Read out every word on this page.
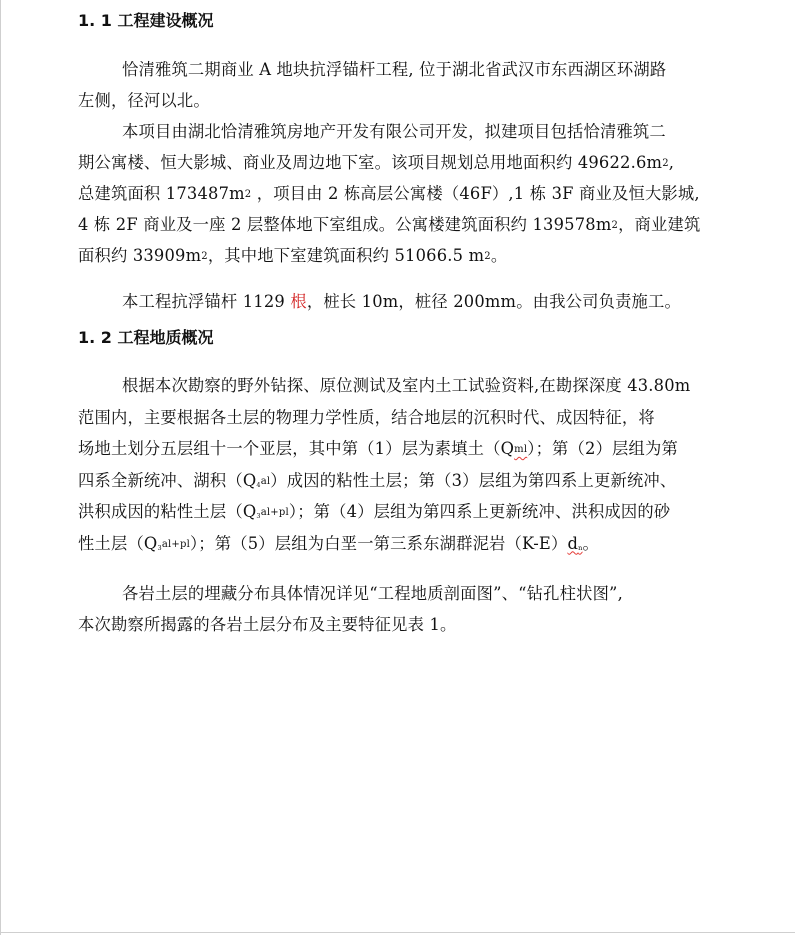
1. 1 工程建设概况
恰清雅筑二期商业 A 地块抗浮锚杆工程, 位于湖北省武汉市东西湖区环湖路
左侧，径河以北。
本项目由湖北恰清雅筑房地产开发有限公司开发，拟建项目包括恰清雅筑二
期公寓楼、恒大影城、商业及周边地下室。该项目规划总用地面积约 $49622.6m^2$,
总建筑面积 $173487m^2$ ，项目由 2 栋高层公寓楼（46F）,1 栋 3F 商业及恒大影城,
4 栋 2F 商业及一座 2 层整体地下室组成。公寓楼建筑面积约 $139578m^2$，商业建筑
面积约 $33909m^2$，其中地下室建筑面积约 51066.5 $m^2$。
本工程抗浮锚杆 1129 根，桩长 10m，桩径 200mm。由我公司负责施工。
1. 2 工程地质概况
根据本次勘察的野外钻探、原位测试及室内土工试验资料,在勘探深度 43.80m
范围内，主要根据各土层的物理力学性质，结合地层的沉积时代、成因特征，将
场地土划分五层组十一个亚层，其中第（1）层为素填土$(Q^{ml})$；第（2）层组为第
四系全新统冲、湖积$(Q_4^{al})$成因的粘性土层；第（3）层组为第四系上更新统冲、
洪积成因的粘性土层$(Q_3^{al+pl})$；第（4）层组为第四系上更新统冲、洪积成因的砂
性土层$(Q_3^{al+pl})$；第（5）层组为白垩一第三系东湖群泥岩$(K-E)d_n$。
各岩土层的埋藏分布具体情况详见“工程地质剖面图”、“钻孔柱状图”,
本次勘察所揭露的各岩土层分布及主要特征见表 1。
